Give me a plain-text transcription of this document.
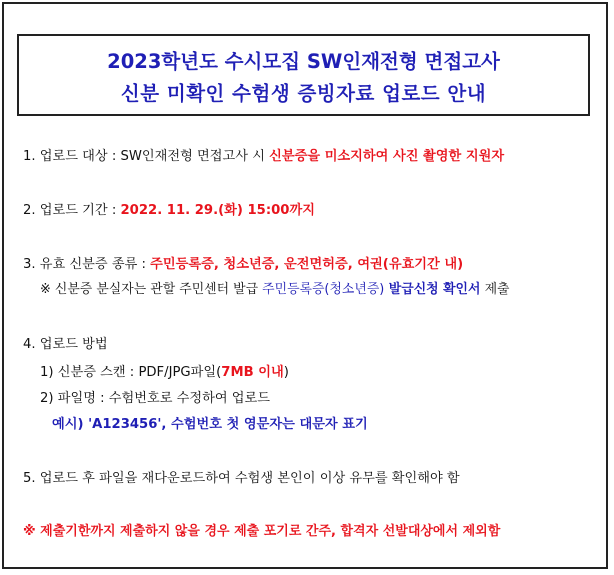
2023학년도 수시모집 SW인재전형 면접고사
신분 미확인 수험생 증빙자료 업로드 안내
1. 업로드 대상 : SW인재전형 면접고사 시 신분증을 미소지하여 사진 촬영한 지원자
2. 업로드 기간 : 2022. 11. 29.(화) 15:00까지
3. 유효 신분증 종류 : 주민등록증, 청소년증, 운전면허증, 여권(유효기간 내)
※ 신분증 분실자는 관할 주민센터 발급 주민등록증(청소년증) 발급신청 확인서 제출
4. 업로드 방법
1) 신분증 스캔 : PDF/JPG파일(7MB 이내)
2) 파일명 : 수험번호로 수정하여 업로드
예시) 'A123456', 수험번호 첫 영문자는 대문자 표기
5. 업로드 후 파일을 재다운로드하여 수험생 본인이 이상 유무를 확인해야 함
※ 제출기한까지 제출하지 않을 경우 제출 포기로 간주, 합격자 선발대상에서 제외함
